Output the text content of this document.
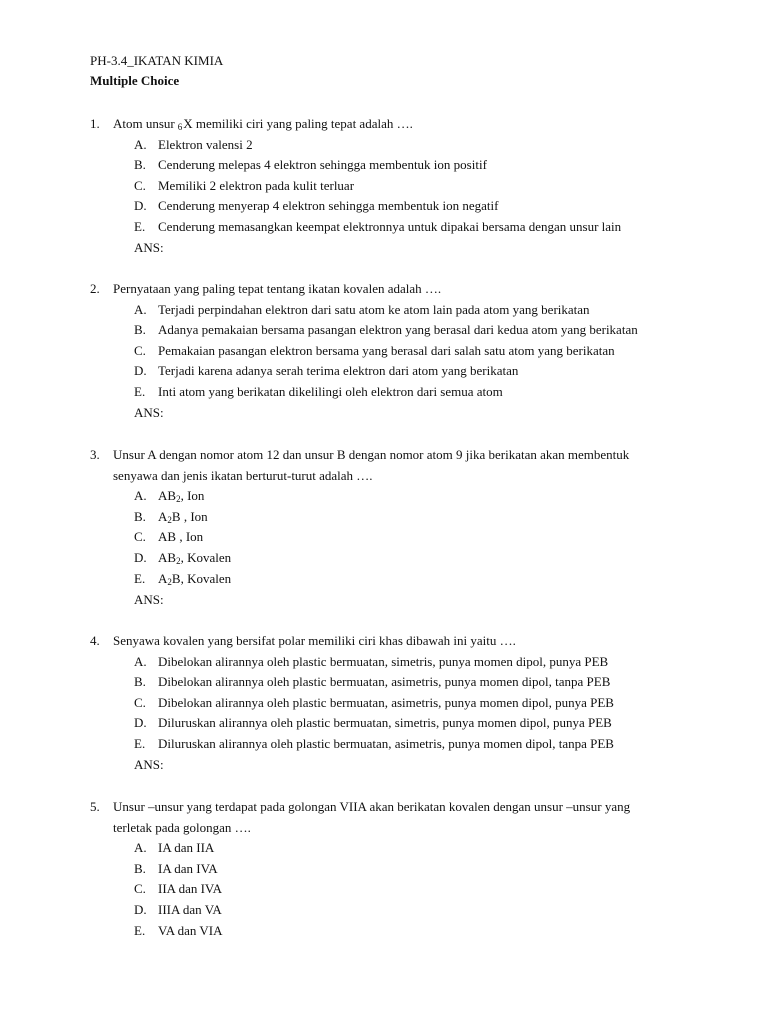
PH-3.4_IKATAN KIMIA
Multiple Choice
1. Atom unsur 6X memiliki ciri yang paling tepat adalah ….
A. Elektron valensi 2
B. Cenderung melepas 4 elektron sehingga membentuk ion positif
C. Memiliki 2 elektron pada kulit terluar
D. Cenderung menyerap 4 elektron sehingga membentuk ion negatif
E. Cenderung memasangkan keempat elektronnya untuk dipakai bersama dengan unsur lain
ANS:
2. Pernyataan yang paling tepat tentang ikatan kovalen adalah ….
A. Terjadi perpindahan elektron dari satu atom ke atom lain pada atom yang berikatan
B. Adanya pemakaian bersama pasangan elektron yang berasal dari kedua atom yang berikatan
C. Pemakaian pasangan elektron bersama yang berasal dari salah satu atom yang berikatan
D. Terjadi karena adanya serah terima elektron dari atom yang berikatan
E. Inti atom yang berikatan dikelilingi oleh elektron dari semua atom
ANS:
3. Unsur A dengan nomor atom 12 dan unsur B dengan nomor atom 9 jika berikatan akan membentuk
senyawa dan jenis ikatan berturut-turut adalah ….
A. $AB_2$, Ion
B. $A_2B$ , Ion
C. AB , Ion
D. $AB_2$, Kovalen
E. $A_2B$, Kovalen
ANS:
4. Senyawa kovalen yang bersifat polar memiliki ciri khas dibawah ini yaitu ….
A. Dibelokan alirannya oleh plastic bermuatan, simetris, punya momen dipol, punya PEB
B. Dibelokan alirannya oleh plastic bermuatan, asimetris, punya momen dipol, tanpa PEB
C. Dibelokan alirannya oleh plastic bermuatan, asimetris, punya momen dipol, punya PEB
D. Diluruskan alirannya oleh plastic bermuatan, simetris, punya momen dipol, punya PEB
E. Diluruskan alirannya oleh plastic bermuatan, asimetris, punya momen dipol, tanpa PEB
ANS:
5. Unsur –unsur yang terdapat pada golongan VIIA akan berikatan kovalen dengan unsur –unsur yang
terletak pada golongan ….
A. IA dan IIA
B. IA dan IVA
C. IIA dan IVA
D. IIIA dan VA
E. VA dan VIA
